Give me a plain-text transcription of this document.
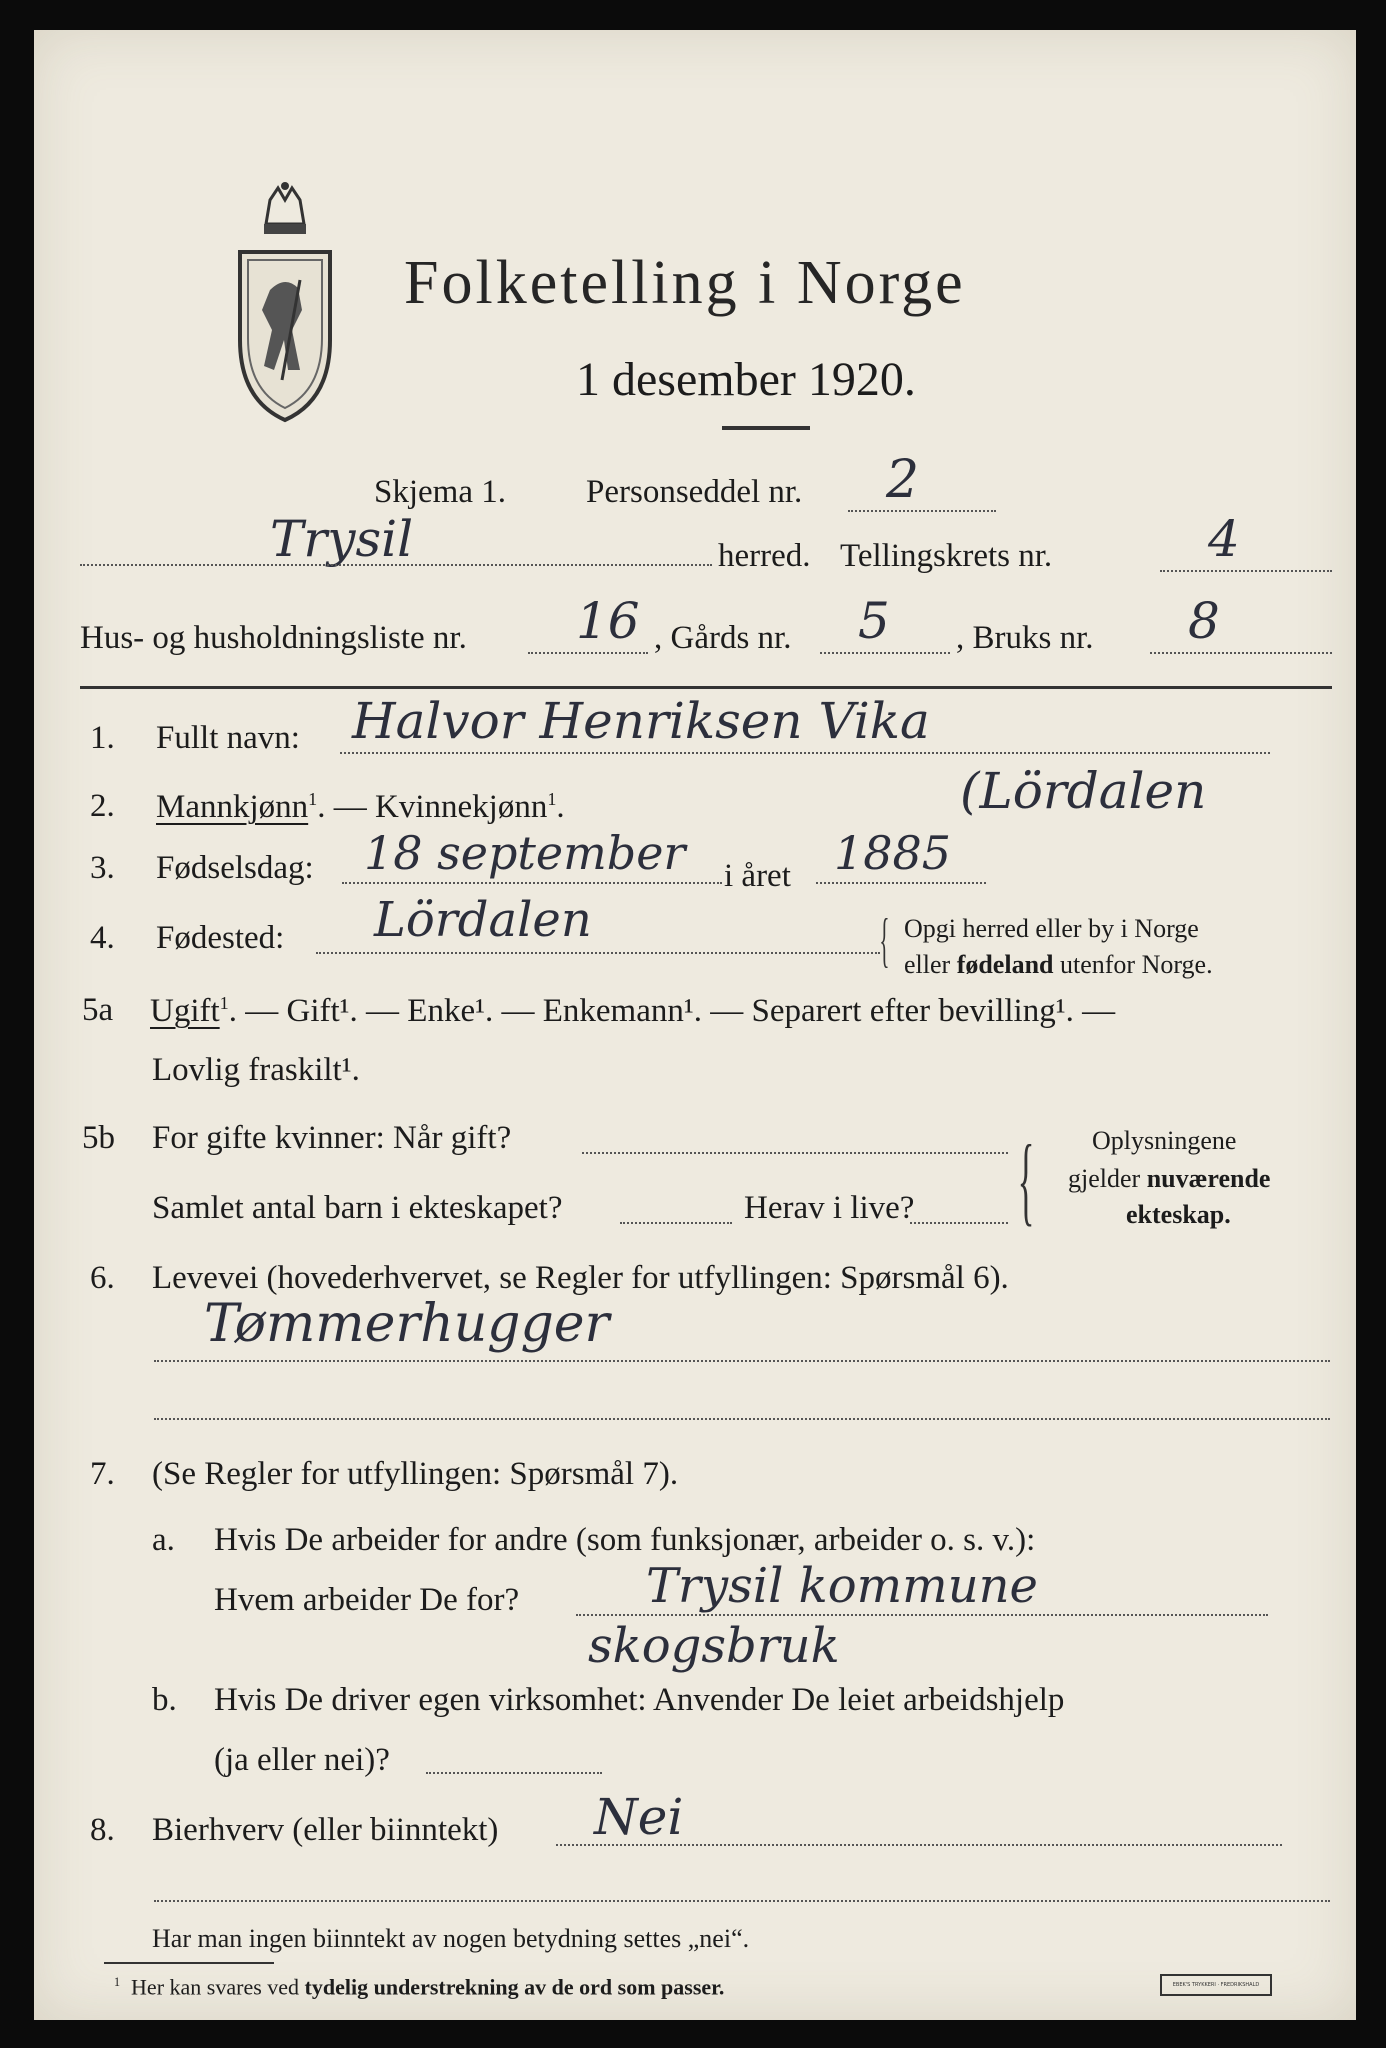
Folketelling i Norge
1 desember 1920.
Skjema 1. Personseddel nr. 2
Trysil	herred. Tellingskrets nr.	4
Hus- og husholdningsliste nr. 16 , Gårds nr. 5 , Bruks nr. 8
1. Fullt navn: Halvor Henriksen Vika
2. Mannkjønn$^1$. — Kvinnekjønn$^1$.	(Lördalen
3. Fødselsdag: 18 september i året 1885
4. Fødested: Lördalen	{ Opgi herred eller by i Norge
eller fødeland utenfor Norge.
5a Ugift$^1$. — Gift¹. — Enke¹. — Enkemann¹. — Separert efter bevilling¹. —
Lovlig fraskilt¹.
5b For gifte kvinner: Når gift?
Samlet antal barn i ekteskapet?	Herav i live? { Oplysningene
gjelder nuværende
ekteskap.
6. Levevei (hovederhvervet, se Regler for utfyllingen: Spørsmål 6).
Tømmerhugger
7. (Se Regler for utfyllingen: Spørsmål 7).
a. Hvis De arbeider for andre (som funksjonær, arbeider o. s. v.):
Hvem arbeider De for?	Trysil kommune
skogsbruk
b. Hvis De driver egen virksomhet: Anvender De leiet arbeidshjelp
(ja eller nei)?
8. Bierhverv (eller biinntekt) Nei
Har man ingen biinntekt av nogen betydning settes „nei“.
$^1$ Her kan svares ved tydelig understrekning av de ord som passer.	EBEK'S TRYKKERI · FREDRIKSHALD
